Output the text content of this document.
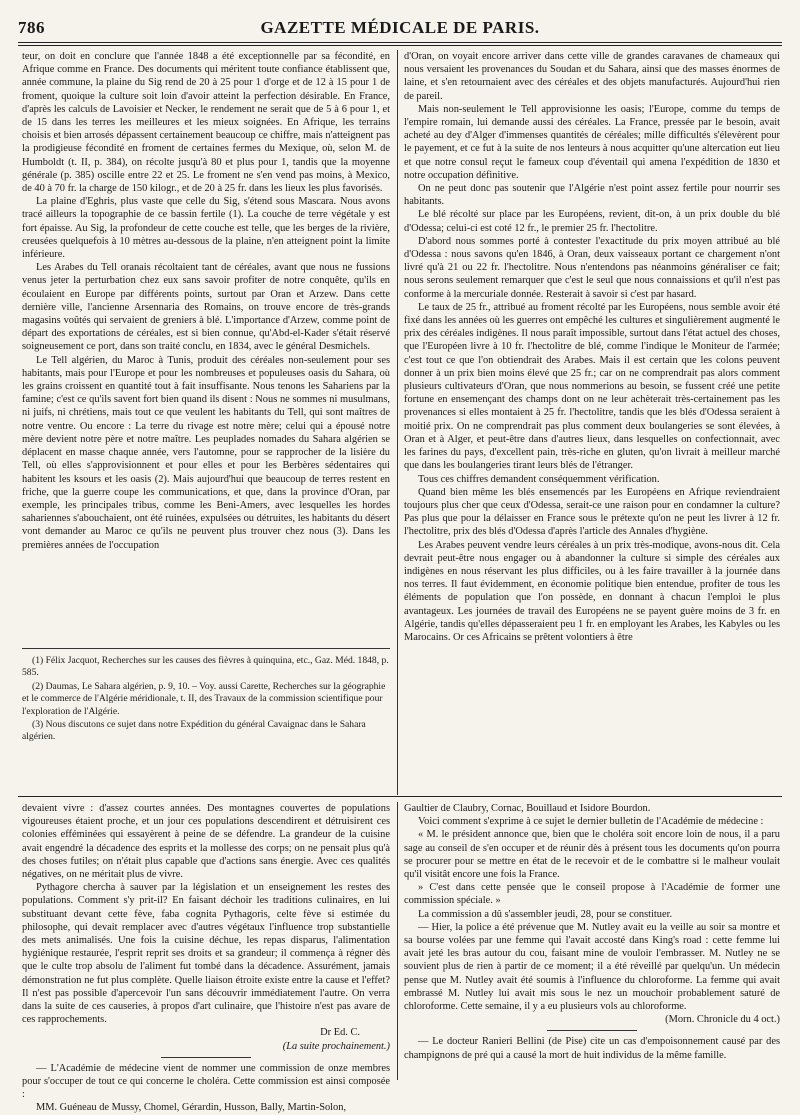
786	GAZETTE MÉDICALE DE PARIS.

teur, on doit en conclure que l'année 1848 a été exceptionnelle par sa fécondité, en Afrique comme en France. Des documents qui méritent toute confiance établissent que, année commune, la plaine du Sig rend de 20 à 25 pour 1 d'orge et de 12 à 15 pour 1 de froment, quoique la culture soit loin d'avoir atteint la perfection désirable. En France, d'après les calculs de Lavoisier et Necker, le rendement ne serait que de 5 à 6 pour 1, et de 15 dans les terres les meilleures et les mieux soignées. En Afrique, les terrains choisis et bien arrosés dépassent certainement beaucoup ce chiffre, mais n'atteignent pas la prodigieuse fécondité en froment de certaines fermes du Mexique, où, selon M. de Humboldt (t. II, p. 384), on récolte jusqu'à 80 et plus pour 1, tandis que la moyenne générale (p. 385) oscille entre 22 et 25. Le froment ne s'en vend pas moins, à Mexico, de 40 à 70 fr. la charge de 150 kilogr., et de 20 à 25 fr. dans les lieux les plus favorisés.

La plaine d'Eghris, plus vaste que celle du Sig, s'étend sous Mascara. Nous avons tracé ailleurs la topographie de ce bassin fertile (1). La couche de terre végétale y est fort épaisse. Au Sig, la profondeur de cette couche est telle, que les berges de la rivière, creusées quelquefois à 10 mètres au-dessous de la plaine, n'en atteignent point la limite inférieure.

Les Arabes du Tell oranais récoltaient tant de céréales, avant que nous ne fussions venus jeter la perturbation chez eux sans savoir profiter de notre conquête, qu'ils en écoulaient en Europe par différents points, surtout par Oran et Arzew. Dans cette dernière ville, l'ancienne Arsennaria des Romains, on trouve encore de très-grands magasins voûtés qui servaient de greniers à blé. L'importance d'Arzew, comme point de départ des exportations de céréales, est si bien connue, qu'Abd-el-Kader s'était réservé soigneusement ce port, dans son traité conclu, en 1834, avec le général Desmichels.

Le Tell algérien, du Maroc à Tunis, produit des céréales non-seulement pour ses habitants, mais pour l'Europe et pour les nombreuses et populeuses oasis du Sahara, où les grains croissent en quantité tout à fait insuffisante. Nous tenons les Sahariens par la famine; c'est ce qu'ils savent fort bien quand ils disent : Nous ne sommes ni musulmans, ni juifs, ni chrétiens, mais tout ce que veulent les habitants du Tell, qui sont maîtres de notre ventre. Ou encore : La terre du rivage est notre mère; celui qui a épousé notre mère devient notre père et notre maître. Les peuplades nomades du Sahara algérien se déplacent en masse chaque année, vers l'automne, pour se rapprocher de la lisière du Tell, où elles s'approvisionnent et pour elles et pour les Berbères sédentaires qui habitent les ksours et les oasis (2). Mais aujourd'hui que beaucoup de terres restent en friche, que la guerre coupe les communications, et que, dans la province d'Oran, par exemple, les principales tribus, comme les Beni-Amers, avec lesquelles les hordes sahariennes s'abouchaient, ont été ruinées, expulsées ou détruites, les habitants du désert vont demander au Maroc ce qu'ils ne peuvent plus trouver chez nous (3). Dans les premières années de l'occupation

(1) Félix Jacquot, Recherches sur les causes des fièvres à quinquina, etc., Gaz. Méd. 1848, p. 585.

(2) Daumas, Le Sahara algérien, p. 9, 10. – Voy. aussi Carette, Recherches sur la géographie et le commerce de l'Algérie méridionale, t. II, des Travaux de la commission scientifique pour l'exploration de l'Algérie.

(3) Nous discutons ce sujet dans notre Expédition du général Cavaignac dans le Sahara algérien.

d'Oran, on voyait encore arriver dans cette ville de grandes caravanes de chameaux qui nous versaient les provenances du Soudan et du Sahara, ainsi que des masses énormes de laine, et s'en retournaient avec des céréales et des objets manufacturés. Aujourd'hui rien de pareil.

Mais non-seulement le Tell approvisionne les oasis; l'Europe, comme du temps de l'empire romain, lui demande aussi des céréales. La France, pressée par le besoin, avait acheté au dey d'Alger d'immenses quantités de céréales; mille difficultés s'élevèrent pour le payement, et ce fut à la suite de nos lenteurs à nous acquitter qu'une altercation eut lieu et que notre consul reçut le fameux coup d'éventail qui amena l'expédition de 1830 et notre occupation définitive.

On ne peut donc pas soutenir que l'Algérie n'est point assez fertile pour nourrir ses habitants.

Le blé récolté sur place par les Européens, revient, dit-on, à un prix double du blé d'Odessa; celui-ci est coté 12 fr., le premier 25 fr. l'hectolitre.

D'abord nous sommes porté à contester l'exactitude du prix moyen attribué au blé d'Odessa : nous savons qu'en 1846, à Oran, deux vaisseaux portant ce chargement n'ont livré qu'à 21 ou 22 fr. l'hectolitre. Nous n'entendons pas néanmoins généraliser ce fait; nous serons seulement remarquer que c'est le seul que nous connaissions et qu'il n'est pas conforme à la mercuriale donnée. Resterait à savoir si c'est par hasard.

Le taux de 25 fr., attribué au froment récolté par les Européens, nous semble avoir été fixé dans les années où les guerres ont empêché les cultures et singulièrement augmenté le prix des céréales indigènes. Il nous paraît impossible, surtout dans l'état actuel des choses, que l'Européen livre à 10 fr. l'hectolitre de blé, comme l'indique le Moniteur de l'armée; c'est tout ce que l'on obtiendrait des Arabes. Mais il est certain que les colons peuvent donner à un prix bien moins élevé que 25 fr.; car on ne comprendrait pas alors comment plusieurs cultivateurs d'Oran, que nous nommerions au besoin, se fussent créé une petite fortune en ensemençant des champs dont on ne leur achèterait très-certainement pas les provenances si elles montaient à 25 fr. l'hectolitre, tandis que les blés d'Odessa seraient à moitié prix. On ne comprendrait pas plus comment deux boulangeries se sont élevées, à Oran et à Alger, et peut-être dans d'autres lieux, dans lesquelles on confectionnait, avec les farines du pays, d'excellent pain, très-riche en gluten, qu'on livrait à meilleur marché que dans les boulangeries tirant leurs blés de l'étranger.

Tous ces chiffres demandent conséquemment vérification.

Quand bien même les blés ensemencés par les Européens en Afrique reviendraient toujours plus cher que ceux d'Odessa, serait-ce une raison pour en condamner la culture? Pas plus que pour la délaisser en France sous le prétexte qu'on ne peut les livrer à 12 fr. l'hectolitre, prix des blés d'Odessa d'après l'article des Annales d'hygiène.

Les Arabes peuvent vendre leurs céréales à un prix très-modique, avons-nous dit. Cela devrait peut-être nous engager ou à abandonner la culture si simple des céréales aux indigènes en nous réservant les plus difficiles, ou à les faire travailler à la journée dans nos terres. Il faut évidemment, en économie politique bien entendue, profiter de tous les éléments de population que l'on possède, en donnant à chacun l'emploi le plus avantageux. Les journées de travail des Européens ne se payent guère moins de 3 fr. en Algérie, tandis qu'elles dépasseraient peu 1 fr. en employant les Arabes, les Kabyles ou les Marocains. Or ces Africains se prêtent volontiers à être

devaient vivre : d'assez courtes années. Des montagnes couvertes de populations vigoureuses étaient proche, et un jour ces populations descendirent et détruisirent ces colonies efféminées qui essayèrent à peine de se défendre. La grandeur de la cuisine avait engendré la décadence des esprits et la mollesse des corps; on ne pensait plus qu'à des choses futiles; on n'était plus capable que d'actions sans énergie. Avec ces qualités négatives, on ne méritait plus de vivre.

Pythagore chercha à sauver par la législation et un enseignement les restes des populations. Comment s'y prit-il? En faisant déchoir les traditions culinaires, en lui substituant devant cette fève, faba cognita Pythagoris, celte fève si estimée du philosophe, qui devait remplacer avec d'autres végétaux l'influence trop substantielle des mets animalisés. Une fois la cuisine déchue, les repas disparus, l'alimentation hygiénique restaurée, l'esprit reprit ses droits et sa grandeur; il commença à régner dès que le culte trop absolu de l'aliment fut tombé dans la décadence. Assurément, jamais démonstration ne fut plus complète. Quelle liaison étroite existe entre la cause et l'effet? Il n'est pas possible d'apercevoir l'un sans découvrir immédiatement l'autre. On verra dans la suite de ces causeries, à propos d'art culinaire, que l'histoire n'est pas avare de ces rapprochements.

Dr Ed. C.

(La suite prochainement.)

— L'Académie de médecine vient de nommer une commission de onze membres pour s'occuper de tout ce qui concerne le choléra. Cette commission est ainsi composée :

MM. Guéneau de Mussy, Chomel, Gérardin, Husson, Bally, Martin-Solon,

Gaultier de Claubry, Cornac, Bouillaud et Isidore Bourdon.

Voici comment s'exprime à ce sujet le dernier bulletin de l'Académie de médecine :

« M. le président annonce que, bien que le choléra soit encore loin de nous, il a paru sage au conseil de s'en occuper et de réunir dès à présent tous les documents qu'on pourra se procurer pour se mettre en état de le recevoir et de le combattre si le malheur voulait qu'il visitât encore une fois la France.

» C'est dans cette pensée que le conseil propose à l'Académie de former une commission spéciale. »

La commission a dû s'assembler jeudi, 28, pour se constituer.

— Hier, la police a été prévenue que M. Nutley avait eu la veille au soir sa montre et sa bourse volées par une femme qui l'avait accosté dans King's road : cette femme lui avait jeté les bras autour du cou, faisant mine de vouloir l'embrasser. M. Nutley ne se souvient plus de rien à partir de ce moment; il a été réveillé par quelqu'un. Un médecin pense que M. Nutley avait été soumis à l'influence du chloroforme. La femme qui avait embrassé M. Nutley lui avait mis sous le nez un mouchoir probablement saturé de chloroforme. Cette semaine, il y a eu plusieurs vols au chloroforme.

(Morn. Chronicle du 4 oct.)

— Le docteur Ranieri Bellini (de Pise) cite un cas d'empoisonnement causé par des champignons de pré qui a causé la mort de huit individus de la même famille.
